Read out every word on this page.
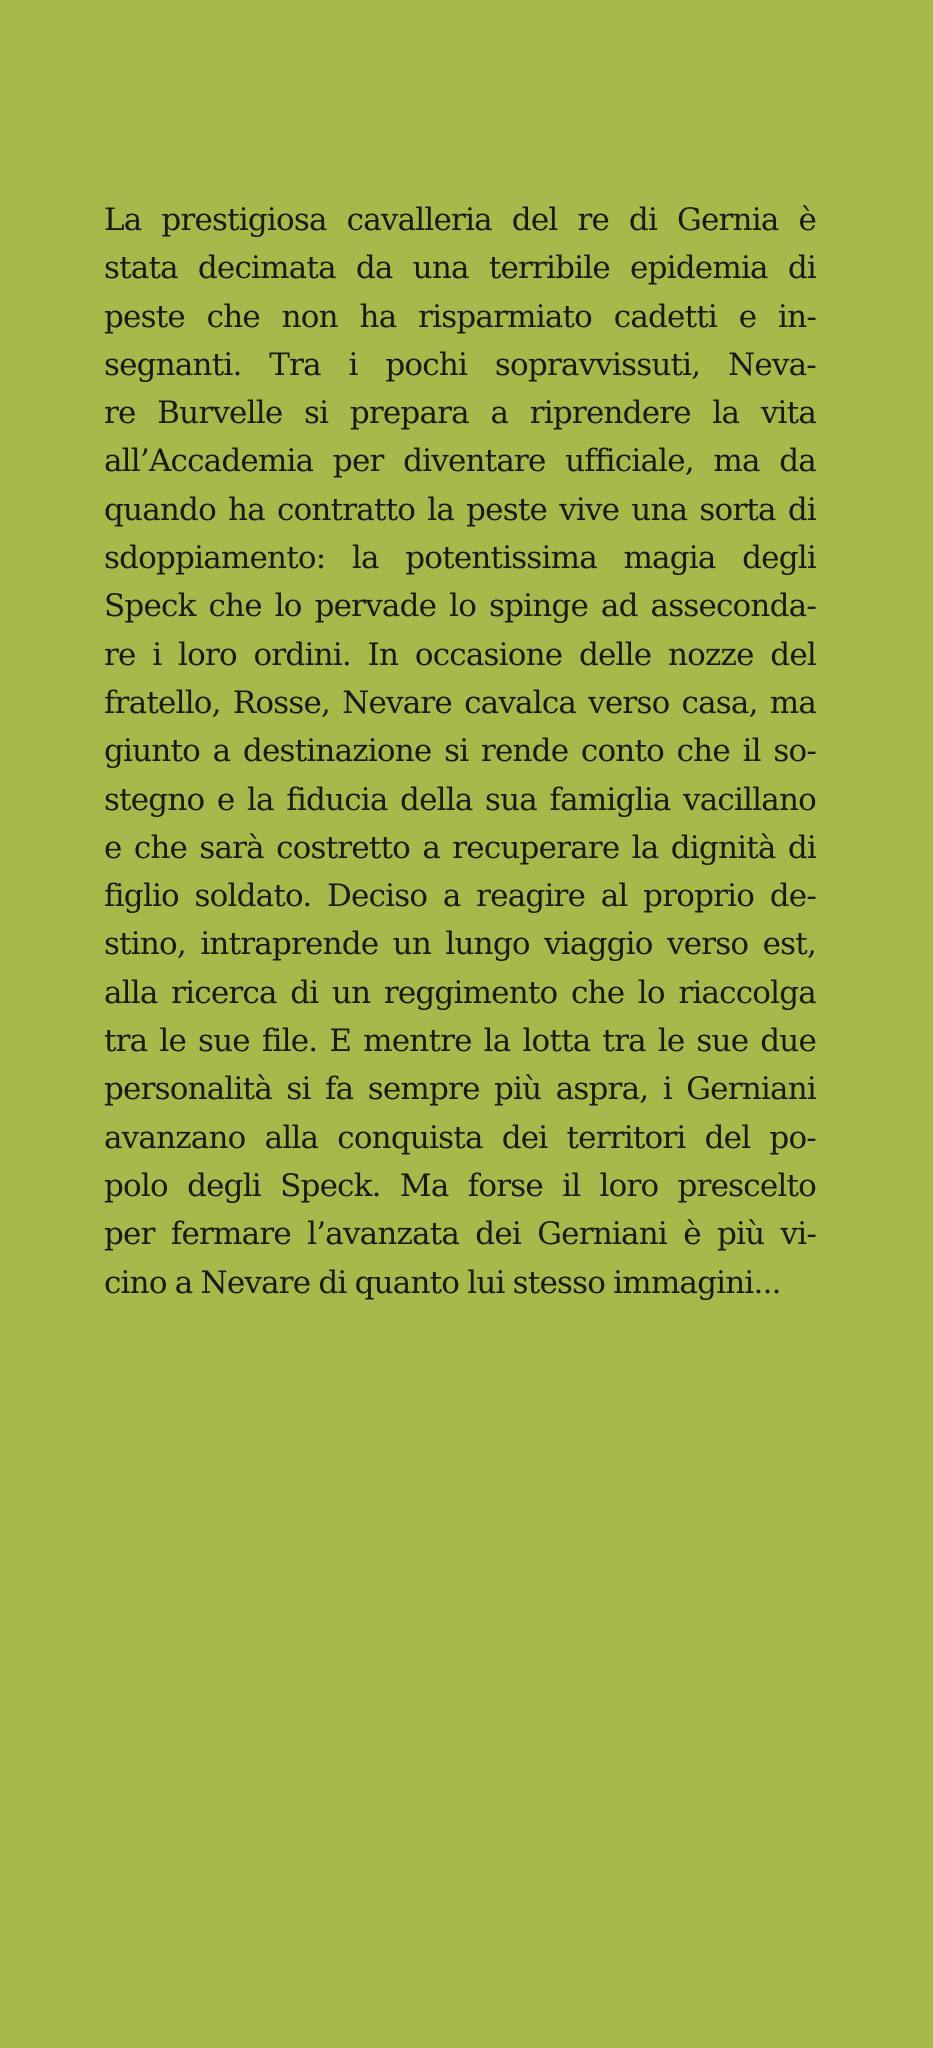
La prestigiosa cavalleria del re di Gernia è
stata decimata da una terribile epidemia di
peste che non ha risparmiato cadetti e in-
segnanti. Tra i pochi sopravvissuti, Neva-
re Burvelle si prepara a riprendere la vita
all’Accademia per diventare ufficiale, ma da
quando ha contratto la peste vive una sorta di
sdoppiamento: la potentissima magia degli
Speck che lo pervade lo spinge ad asseconda-
re i loro ordini. In occasione delle nozze del
fratello, Rosse, Nevare cavalca verso casa, ma
giunto a destinazione si rende conto che il so-
stegno e la fiducia della sua famiglia vacillano
e che sarà costretto a recuperare la dignità di
figlio soldato. Deciso a reagire al proprio de-
stino, intraprende un lungo viaggio verso est,
alla ricerca di un reggimento che lo riaccolga
tra le sue file. E mentre la lotta tra le sue due
personalità si fa sempre più aspra, i Gerniani
avanzano alla conquista dei territori del po-
polo degli Speck. Ma forse il loro prescelto
per fermare l’avanzata dei Gerniani è più vi-
cino a Nevare di quanto lui stesso immagini...
